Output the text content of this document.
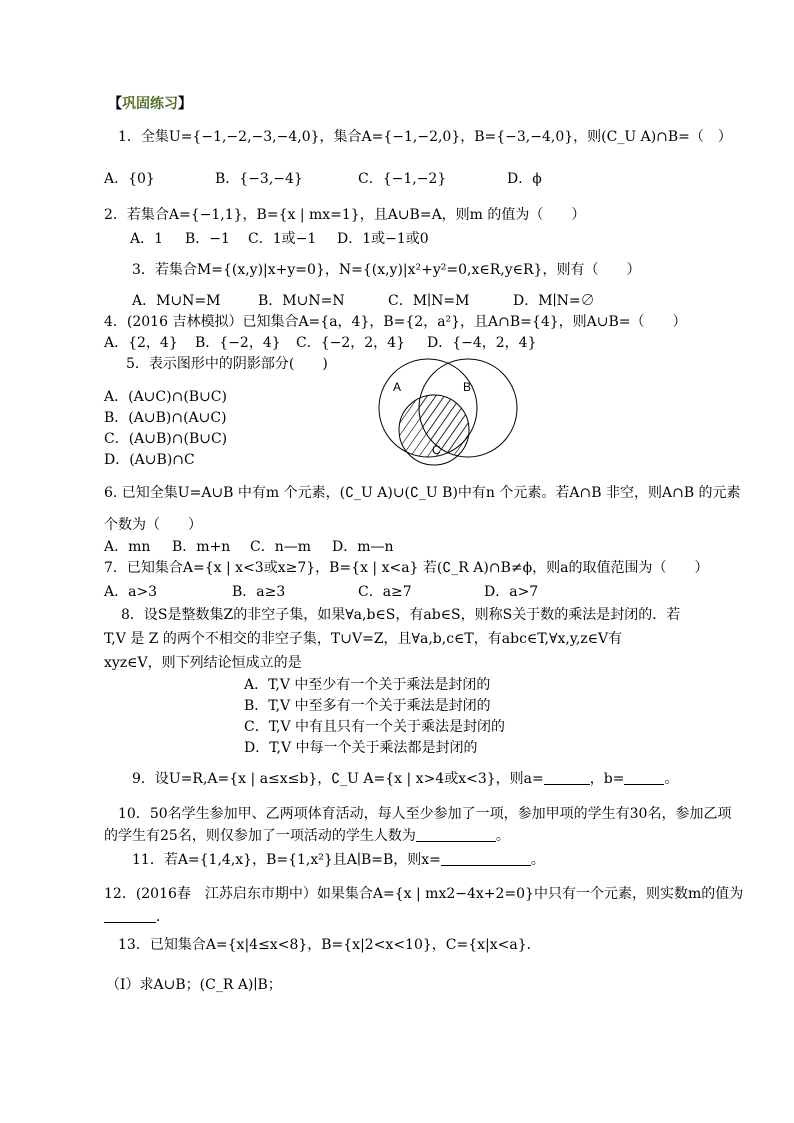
【巩固练习】
1．全集U={−1,−2,−3,−4,0}，集合A={−1,−2,0}，B={−3,−4,0}，则(C_U A)∩B=（　）
A．{0}	B．{−3,−4}	C．{−1,−2}	D．ϕ
2．若集合A={−1,1}，B={x | mx=1}，且A∪B=A，则m 的值为（　　）
A．1 B．−1 C．1或−1 D．1或−1或0
3．若集合M={(x,y)|x+y=0}，N={(x,y)|x²+y²=0,x∈R,y∈R}，则有（　　）
A．M∪N=M	B．M∪N=N	C．M∣N=M	D．M∣N=∅
4．(2016 吉林模拟）已知集合A={a，4}，B={2，a²}，且A∩B={4}，则A∪B=（　　）
A．{2，4} B．{−2，4} C．{−2，2，4} D．{−4，2，4}
5．表示图形中的阴影部分(　　)
A．(A∪C)∩(B∪C)
B．(A∪B)∩(A∪C)
C．(A∪B)∩(B∪C)
D．(A∪B)∩C
A	B
C
6. 已知全集U=A∪B 中有m 个元素，(∁_U A)∪(∁_U B)中有n 个元素。若A∩B 非空，则A∩B 的元素
个数为（　　）
A．mn B．m+n C．n—m D．m—n
7．已知集合A={x | x<3或x≥7}，B={x | x<a} 若(∁_R A)∩B≠ϕ，则a的取值范围为（　　）
A．a>3	B．a≥3	C．a≥7	D．a>7
8．设S是整数集Z的非空子集，如果∀a,b∈S，有ab∈S，则称S关于数的乘法是封闭的．若
T,V 是 Z 的两个不相交的非空子集，T∪V=Z，且∀a,b,c∈T，有abc∈T,∀x,y,z∈V有
xyz∈V，则下列结论恒成立的是
A．T,V 中至少有一个关于乘法是封闭的
B．T,V 中至多有一个关于乘法是封闭的
C．T,V 中有且只有一个关于乘法是封闭的
D．T,V 中每一个关于乘法都是封闭的
9．设U=R,A={x | a≤x≤b}，∁_U A={x | x>4或x<3}，则a=	，b=	。
10．50名学生参加甲、乙两项体育活动，每人至少参加了一项，参加甲项的学生有30名，参加乙项
的学生有25名，则仅参加了一项活动的学生人数为	。
11．若A={1,4,x}，B={1,x²}且A∣B=B，则x=	。
12．(2016春　江苏启东市期中）如果集合A={x | mx2−4x+2=0}中只有一个元素，则实数m的值为
．
13．已知集合A={x|4≤x<8}，B={x|2<x<10}，C={x|x<a}．
（I）求A∪B；(C_R A)∣B；
